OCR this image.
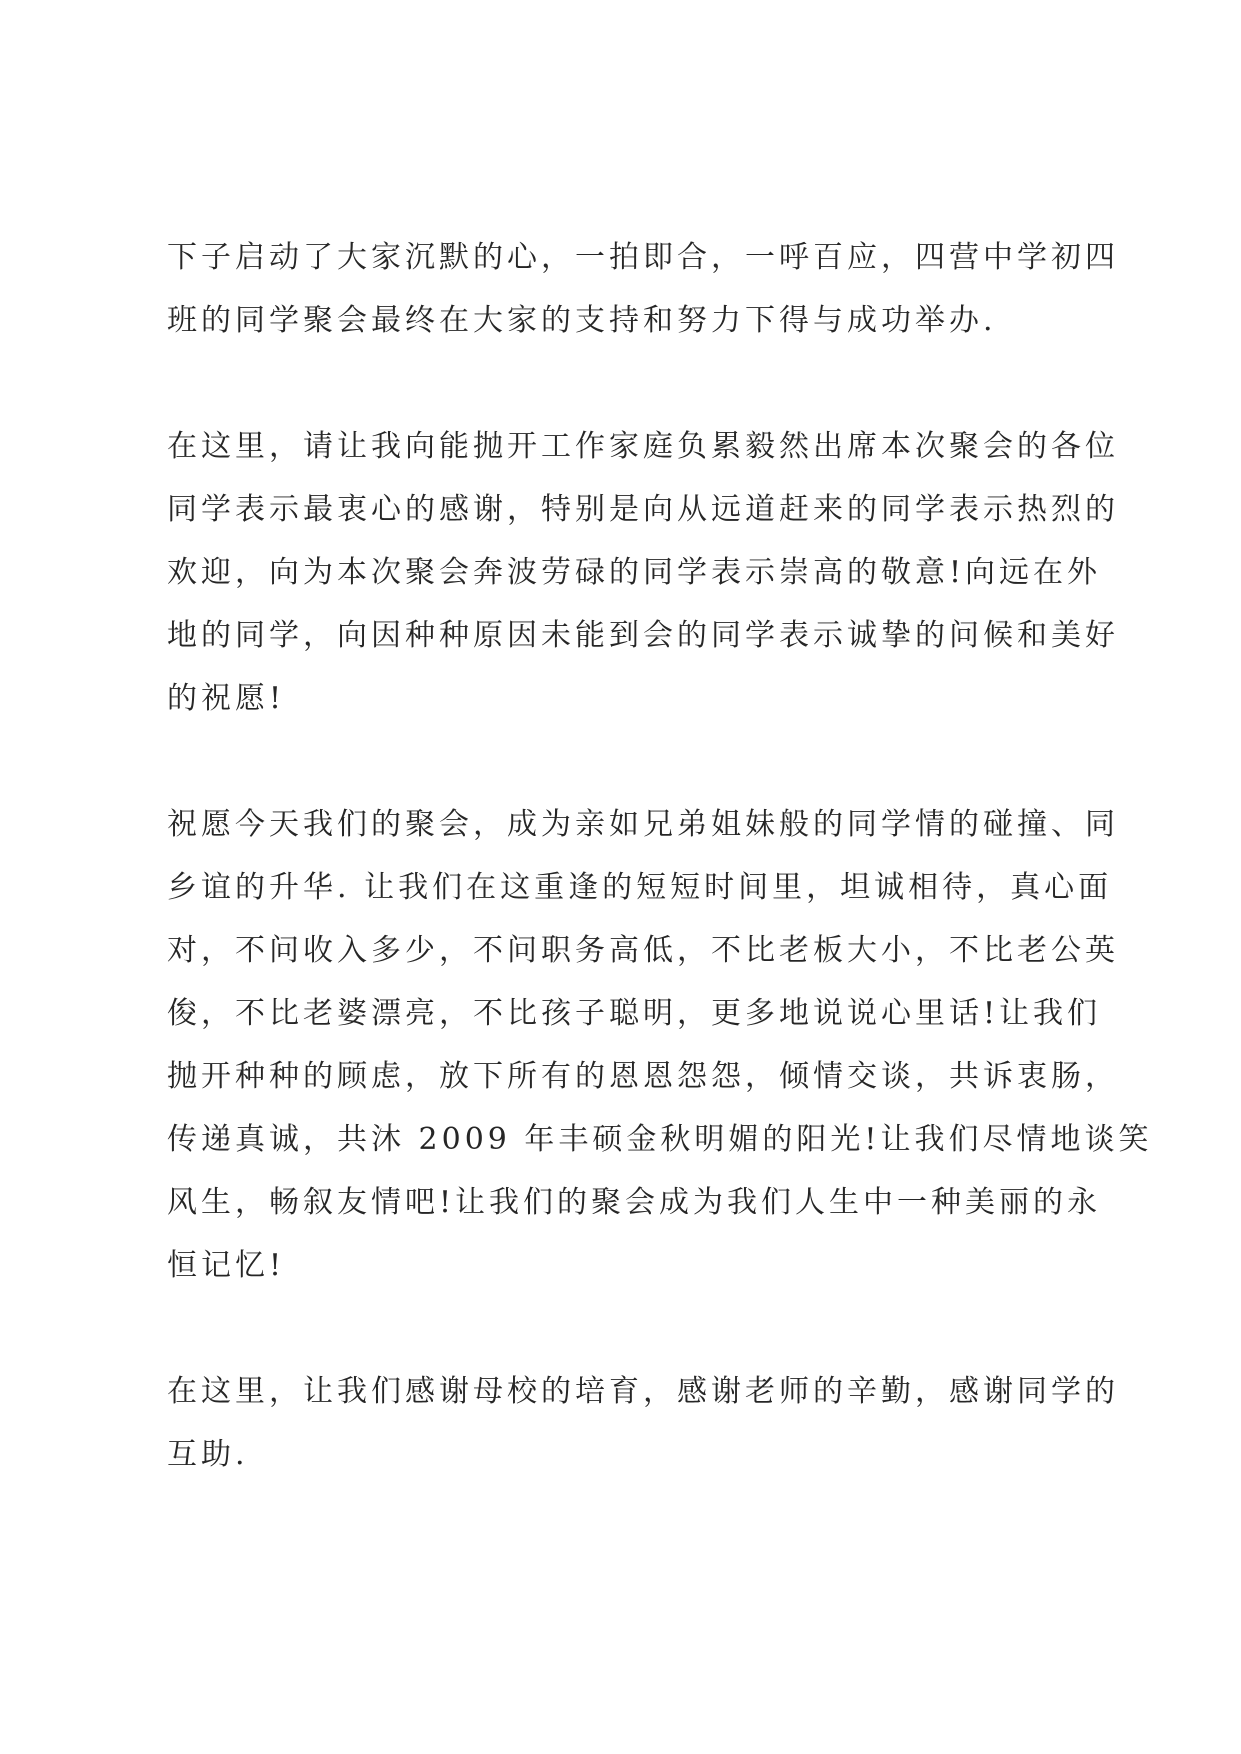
下子启动了大家沉默的心，一拍即合，一呼百应，四营中学初四
班的同学聚会最终在大家的支持和努力下得与成功举办.
在这里，请让我向能抛开工作家庭负累毅然出席本次聚会的各位
同学表示最衷心的感谢，特别是向从远道赶来的同学表示热烈的
欢迎，向为本次聚会奔波劳碌的同学表示崇高的敬意!向远在外
地的同学，向因种种原因未能到会的同学表示诚挚的问候和美好
的祝愿!
祝愿今天我们的聚会，成为亲如兄弟姐妹般的同学情的碰撞、同
乡谊的升华. 让我们在这重逢的短短时间里，坦诚相待，真心面
对，不问收入多少，不问职务高低，不比老板大小，不比老公英
俊，不比老婆漂亮，不比孩子聪明，更多地说说心里话!让我们
抛开种种的顾虑，放下所有的恩恩怨怨，倾情交谈，共诉衷肠，
传递真诚，共沐 2009 年丰硕金秋明媚的阳光!让我们尽情地谈笑
风生，畅叙友情吧!让我们的聚会成为我们人生中一种美丽的永
恒记忆!
在这里，让我们感谢母校的培育，感谢老师的辛勤，感谢同学的
互助.
